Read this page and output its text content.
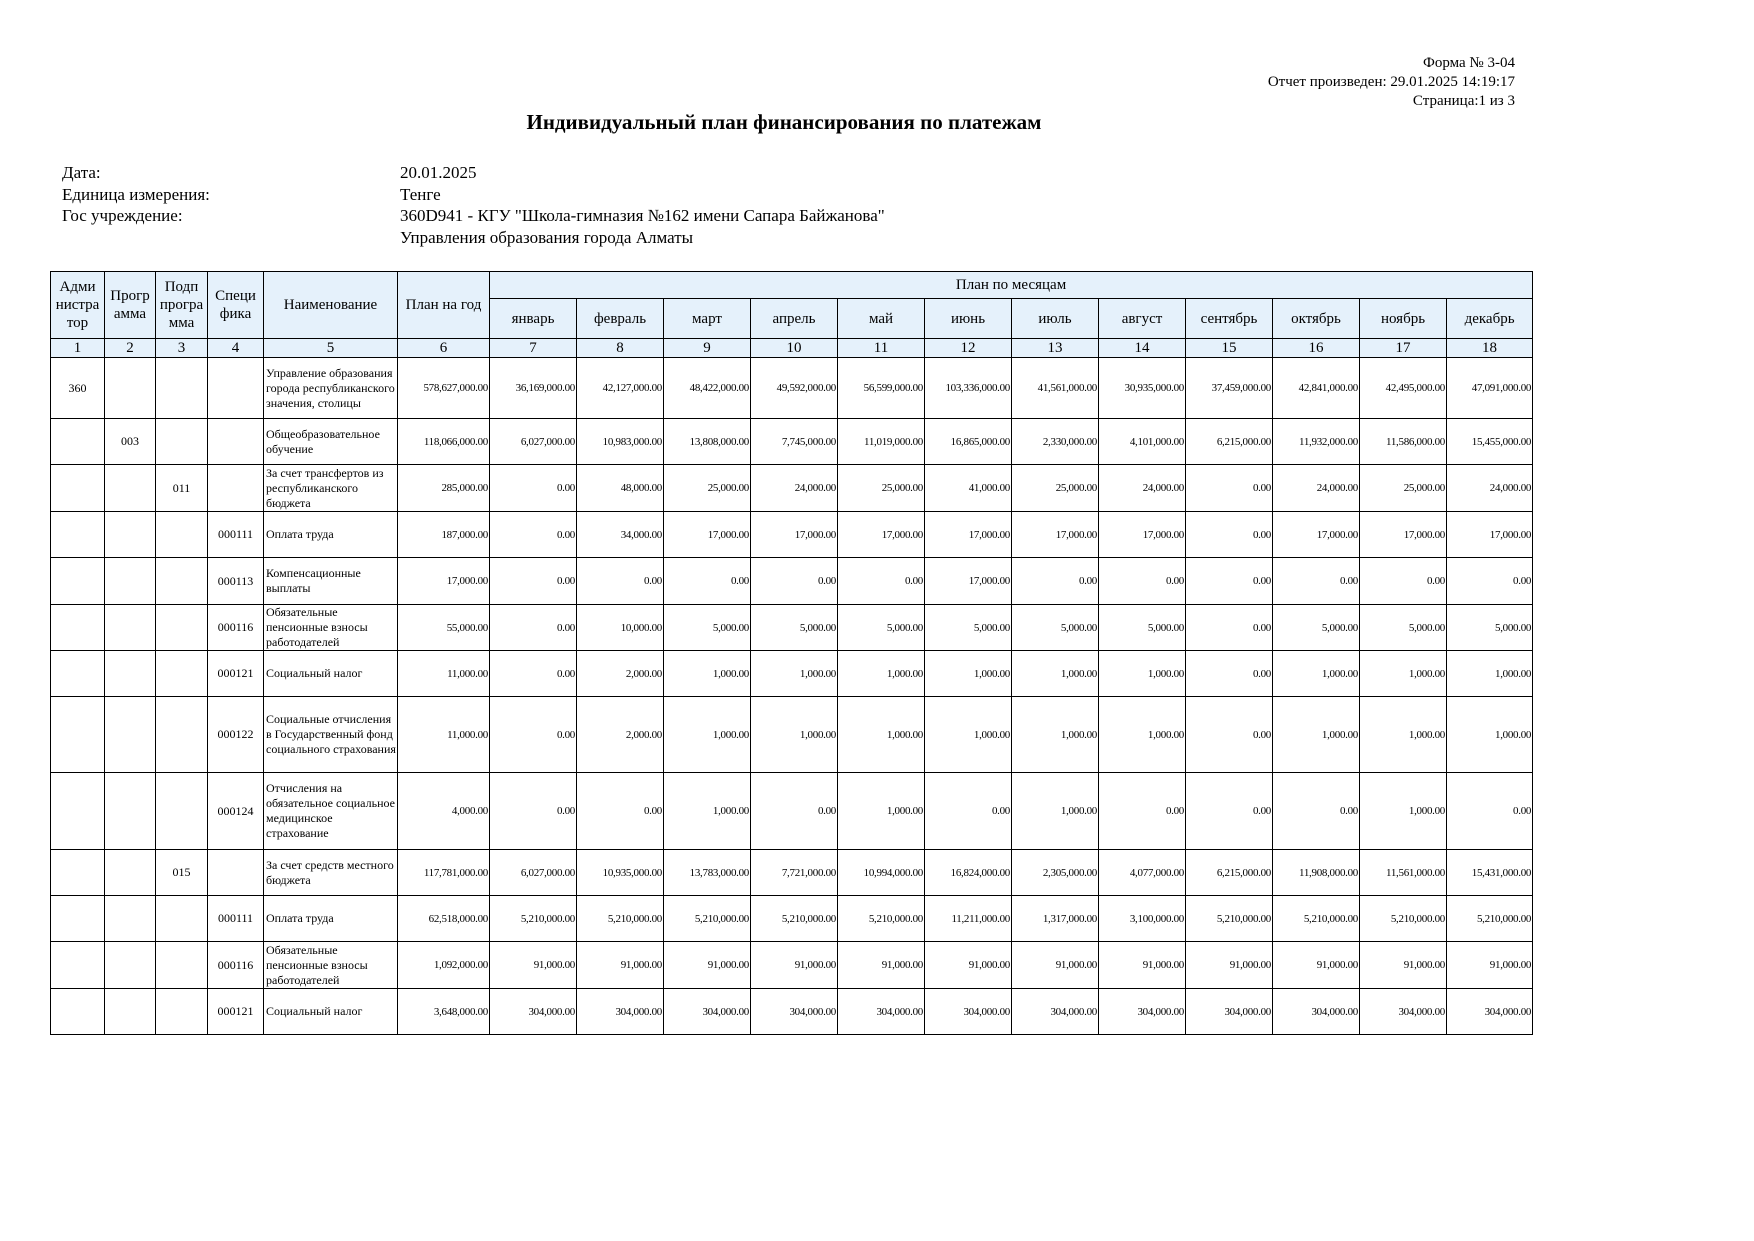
Форма № 3-04
Отчет произведен: 29.01.2025 14:19:17
Страница:1 из 3
Индивидуальный план финансирования по платежам
Дата:	20.01.2025
Единица измерения:	Тенге
Гос учреждение:	360D941 - КГУ "Школа-гимназия №162 имени Сапара Байжанова"
Управления образования города Алматы
Адми нистра тор	Прогр амма	Подп програ мма	Специ фика	Наименование	План на год	План по месяцам											
						январь	февраль	март	апрель	май	июнь	июль	август	сентябрь	октябрь	ноябрь	декабрь
1	2	3	4	5	6	7	8	9	10	11	12	13	14	15	16	17	18
360				Управление образования города республиканского значения, столицы	578,627,000.00	36,169,000.00	42,127,000.00	48,422,000.00	49,592,000.00	56,599,000.00	103,336,000.00	41,561,000.00	30,935,000.00	37,459,000.00	42,841,000.00	42,495,000.00	47,091,000.00
	003			Общеобразовательное обучение	118,066,000.00	6,027,000.00	10,983,000.00	13,808,000.00	7,745,000.00	11,019,000.00	16,865,000.00	2,330,000.00	4,101,000.00	6,215,000.00	11,932,000.00	11,586,000.00	15,455,000.00
		011		За счет трансфертов из республиканского бюджета	285,000.00	0.00	48,000.00	25,000.00	24,000.00	25,000.00	41,000.00	25,000.00	24,000.00	0.00	24,000.00	25,000.00	24,000.00
			000111	Оплата труда	187,000.00	0.00	34,000.00	17,000.00	17,000.00	17,000.00	17,000.00	17,000.00	17,000.00	0.00	17,000.00	17,000.00	17,000.00
			000113	Компенсационные выплаты	17,000.00	0.00	0.00	0.00	0.00	0.00	17,000.00	0.00	0.00	0.00	0.00	0.00	0.00
			000116	Обязательные пенсионные взносы работодателей	55,000.00	0.00	10,000.00	5,000.00	5,000.00	5,000.00	5,000.00	5,000.00	5,000.00	0.00	5,000.00	5,000.00	5,000.00
			000121	Социальный налог	11,000.00	0.00	2,000.00	1,000.00	1,000.00	1,000.00	1,000.00	1,000.00	1,000.00	0.00	1,000.00	1,000.00	1,000.00
			000122	Социальные отчисления в Государственный фонд социального страхования	11,000.00	0.00	2,000.00	1,000.00	1,000.00	1,000.00	1,000.00	1,000.00	1,000.00	0.00	1,000.00	1,000.00	1,000.00
			000124	Отчисления на обязательное социальное медицинское страхование	4,000.00	0.00	0.00	1,000.00	0.00	1,000.00	0.00	1,000.00	0.00	0.00	0.00	1,000.00	0.00
		015		За счет средств местного бюджета	117,781,000.00	6,027,000.00	10,935,000.00	13,783,000.00	7,721,000.00	10,994,000.00	16,824,000.00	2,305,000.00	4,077,000.00	6,215,000.00	11,908,000.00	11,561,000.00	15,431,000.00
			000111	Оплата труда	62,518,000.00	5,210,000.00	5,210,000.00	5,210,000.00	5,210,000.00	5,210,000.00	11,211,000.00	1,317,000.00	3,100,000.00	5,210,000.00	5,210,000.00	5,210,000.00	5,210,000.00
			000116	Обязательные пенсионные взносы работодателей	1,092,000.00	91,000.00	91,000.00	91,000.00	91,000.00	91,000.00	91,000.00	91,000.00	91,000.00	91,000.00	91,000.00	91,000.00	91,000.00
			000121	Социальный налог	3,648,000.00	304,000.00	304,000.00	304,000.00	304,000.00	304,000.00	304,000.00	304,000.00	304,000.00	304,000.00	304,000.00	304,000.00	304,000.00
